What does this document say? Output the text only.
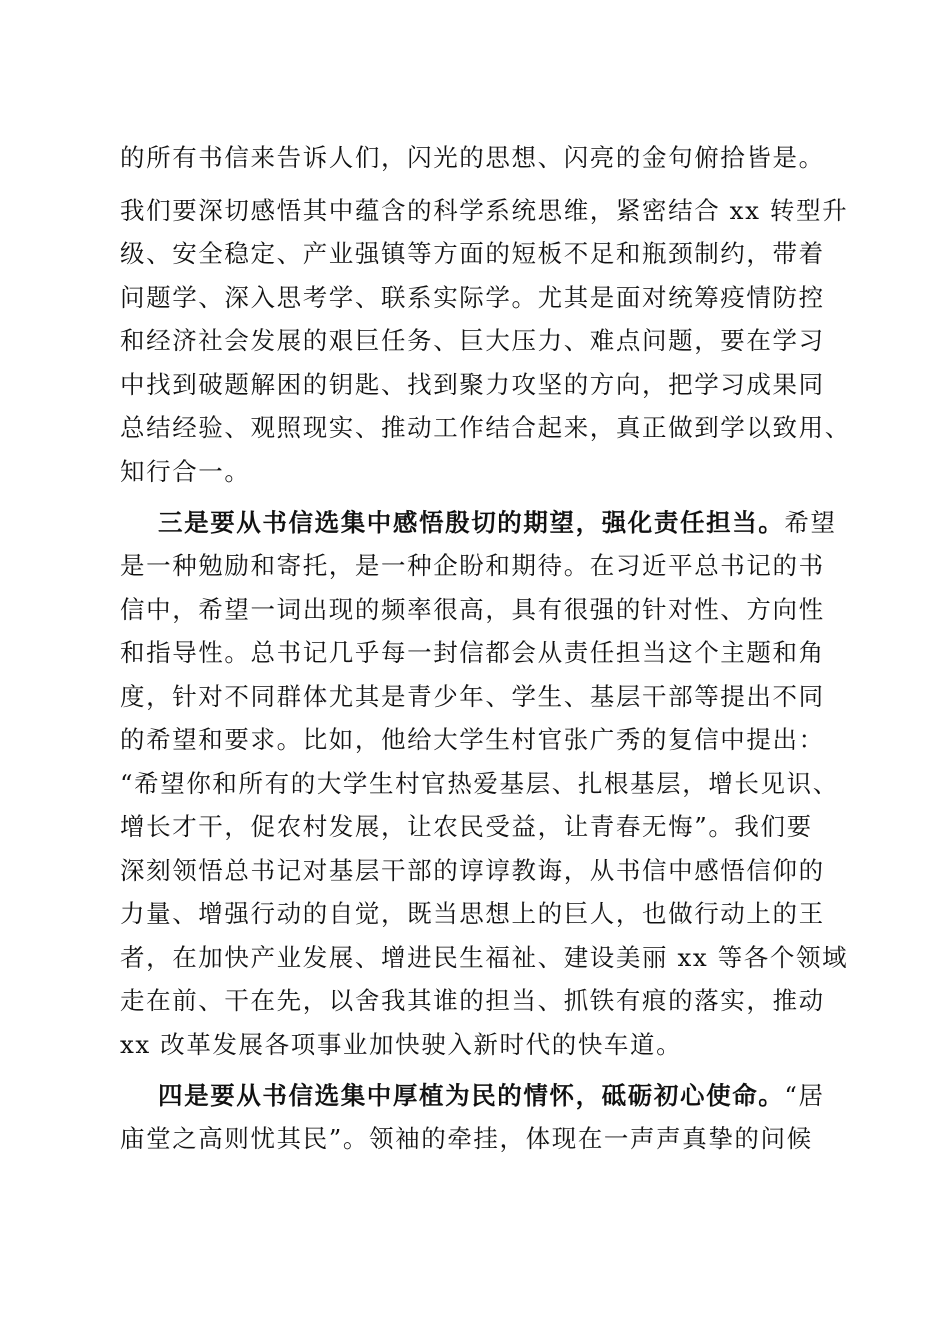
的所有书信来告诉人们，闪光的思想、闪亮的金句俯拾皆是。
我们要深切感悟其中蕴含的科学系统思维，紧密结合 xx 转型升
级、安全稳定、产业强镇等方面的短板不足和瓶颈制约，带着
问题学、深入思考学、联系实际学。尤其是面对统筹疫情防控
和经济社会发展的艰巨任务、巨大压力、难点问题，要在学习
中找到破题解困的钥匙、找到聚力攻坚的方向，把学习成果同
总结经验、观照现实、推动工作结合起来，真正做到学以致用、
知行合一。
三是要从书信选集中感悟殷切的期望，强化责任担当。希望
是一种勉励和寄托，是一种企盼和期待。在习近平总书记的书
信中，希望一词出现的频率很高，具有很强的针对性、方向性
和指导性。总书记几乎每一封信都会从责任担当这个主题和角
度，针对不同群体尤其是青少年、学生、基层干部等提出不同
的希望和要求。比如，他给大学生村官张广秀的复信中提出：
“希望你和所有的大学生村官热爱基层、扎根基层，增长见识、
增长才干，促农村发展，让农民受益，让青春无悔”。我们要
深刻领悟总书记对基层干部的谆谆教诲，从书信中感悟信仰的
力量、增强行动的自觉，既当思想上的巨人，也做行动上的王
者，在加快产业发展、增进民生福祉、建设美丽 xx 等各个领域
走在前、干在先，以舍我其谁的担当、抓铁有痕的落实，推动
xx 改革发展各项事业加快驶入新时代的快车道。
四是要从书信选集中厚植为民的情怀，砥砺初心使命。“居
庙堂之高则忧其民”。领袖的牵挂，体现在一声声真挚的问候
